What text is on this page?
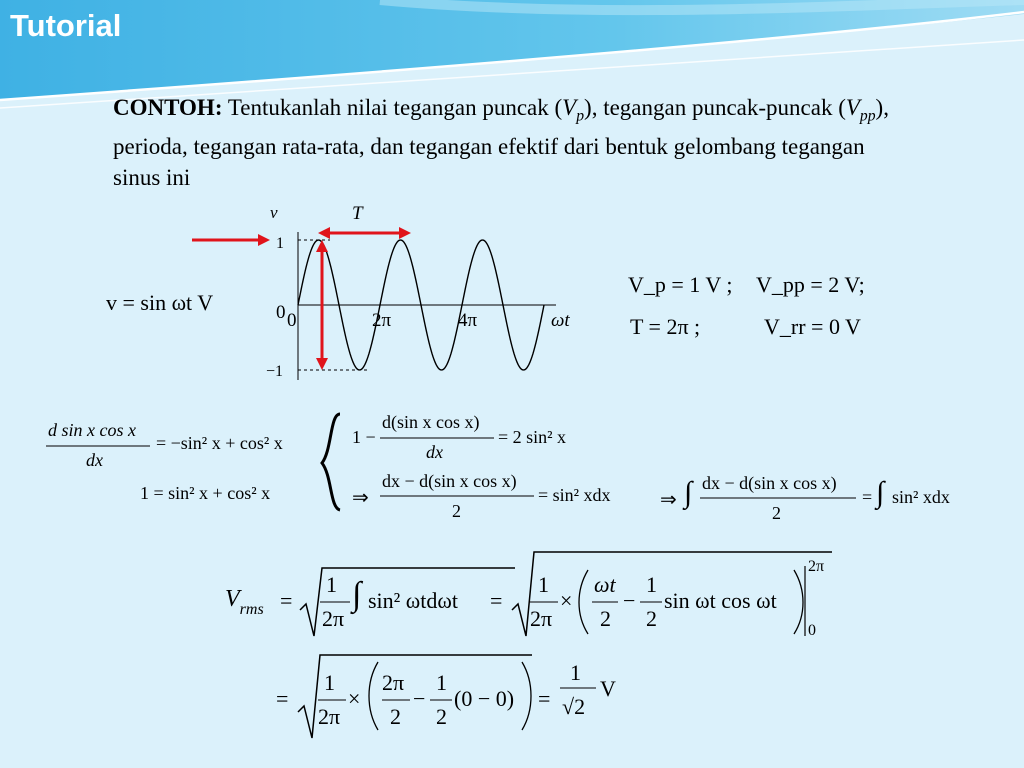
Tutorial
CONTOH: Tentukanlah nilai tegangan puncak $(V_p)$, tegangan puncak-puncak $(V_{pp})$, perioda, tegangan rata-rata, dan tegangan efektif dari bentuk gelombang tegangan sinus ini
v	T
1
−1
0 0	2π	4π	ωt
v = sin ωt V
V_p = 1 V ; V_pp = 2 V;
T = 2π ;	V_rr = 0 V
d sin x cos x
dx
= −sin² x + cos² x
1 = sin² x + cos² x
1 −
d(sin x cos x)
dx
= 2 sin² x
⇒
dx − d(sin x cos x)
2
= sin² xdx ⇒ ∫ dx − d(sin x cos x)
2
= ∫ sin² xdx
$V_{rms}$ =
1
2π
∫ sin² ωtdωt =
1
2π
×
ωt
2
−
1
2
sin ωt cos ωt
2π
0
=
1
2π
×
2π
2
−
1
2
(0 − 0) =
1
√2
V
